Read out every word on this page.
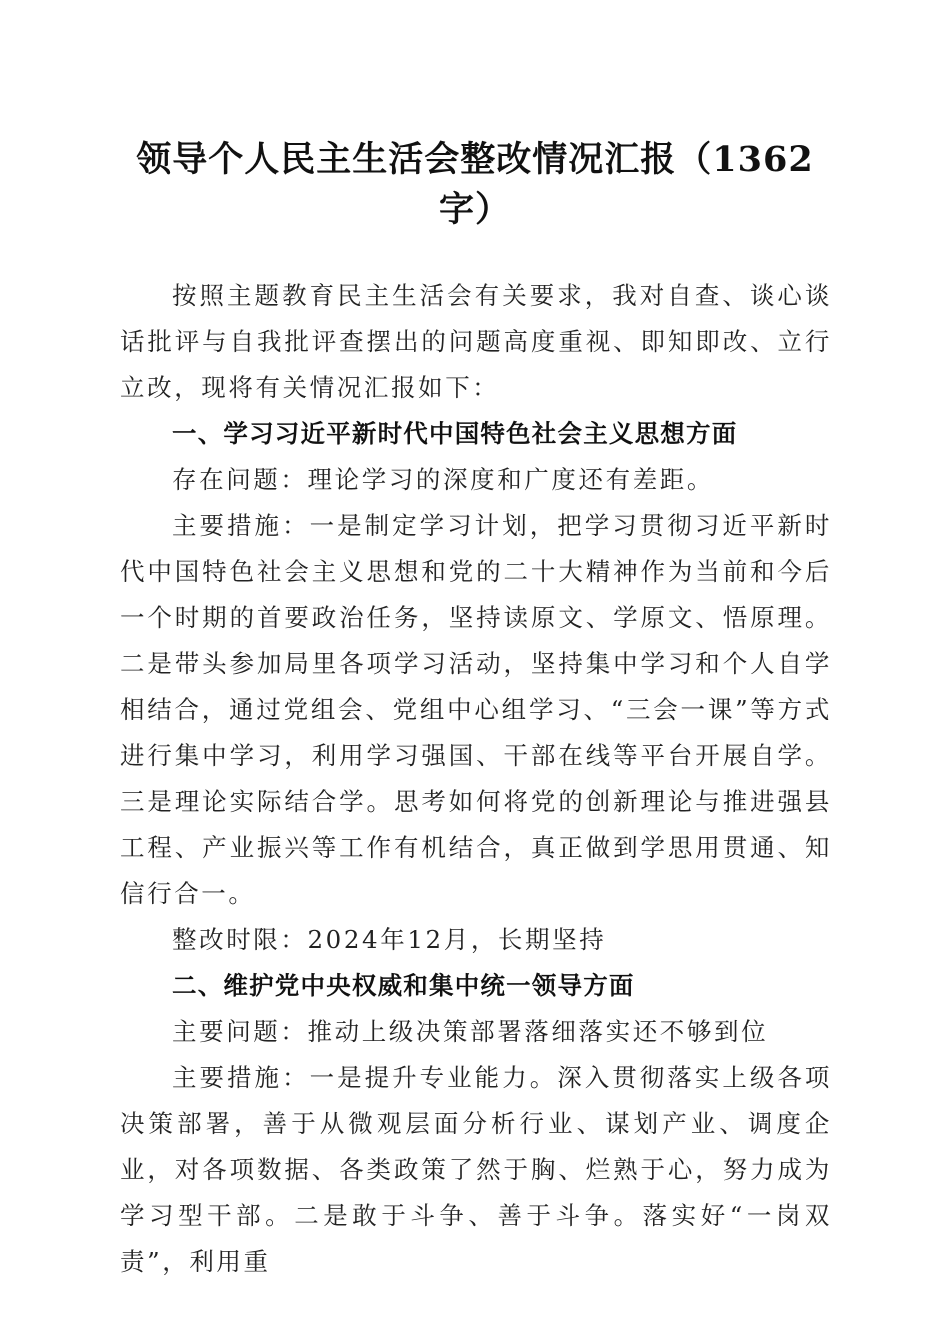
领导个人民主生活会整改情况汇报（1362字）

按照主题教育民主生活会有关要求，我对自查、谈心谈话批评与自我批评查摆出的问题高度重视、即知即改、立行立改，现将有关情况汇报如下：

一、学习习近平新时代中国特色社会主义思想方面

存在问题：理论学习的深度和广度还有差距。

主要措施：一是制定学习计划，把学习贯彻习近平新时代中国特色社会主义思想和党的二十大精神作为当前和今后一个时期的首要政治任务，坚持读原文、学原文、悟原理。二是带头参加局里各项学习活动，坚持集中学习和个人自学相结合，通过党组会、党组中心组学习、“三会一课”等方式进行集中学习，利用学习强国、干部在线等平台开展自学。三是理论实际结合学。思考如何将党的创新理论与推进强县工程、产业振兴等工作有机结合，真正做到学思用贯通、知信行合一。

整改时限：2024年12月，长期坚持

二、维护党中央权威和集中统一领导方面

主要问题：推动上级决策部署落细落实还不够到位

主要措施：一是提升专业能力。深入贯彻落实上级各项决策部署，善于从微观层面分析行业、谋划产业、调度企业，对各项数据、各类政策了然于胸、烂熟于心，努力成为学习型干部。二是敢于斗争、善于斗争。落实好“一岗双责”，利用重
